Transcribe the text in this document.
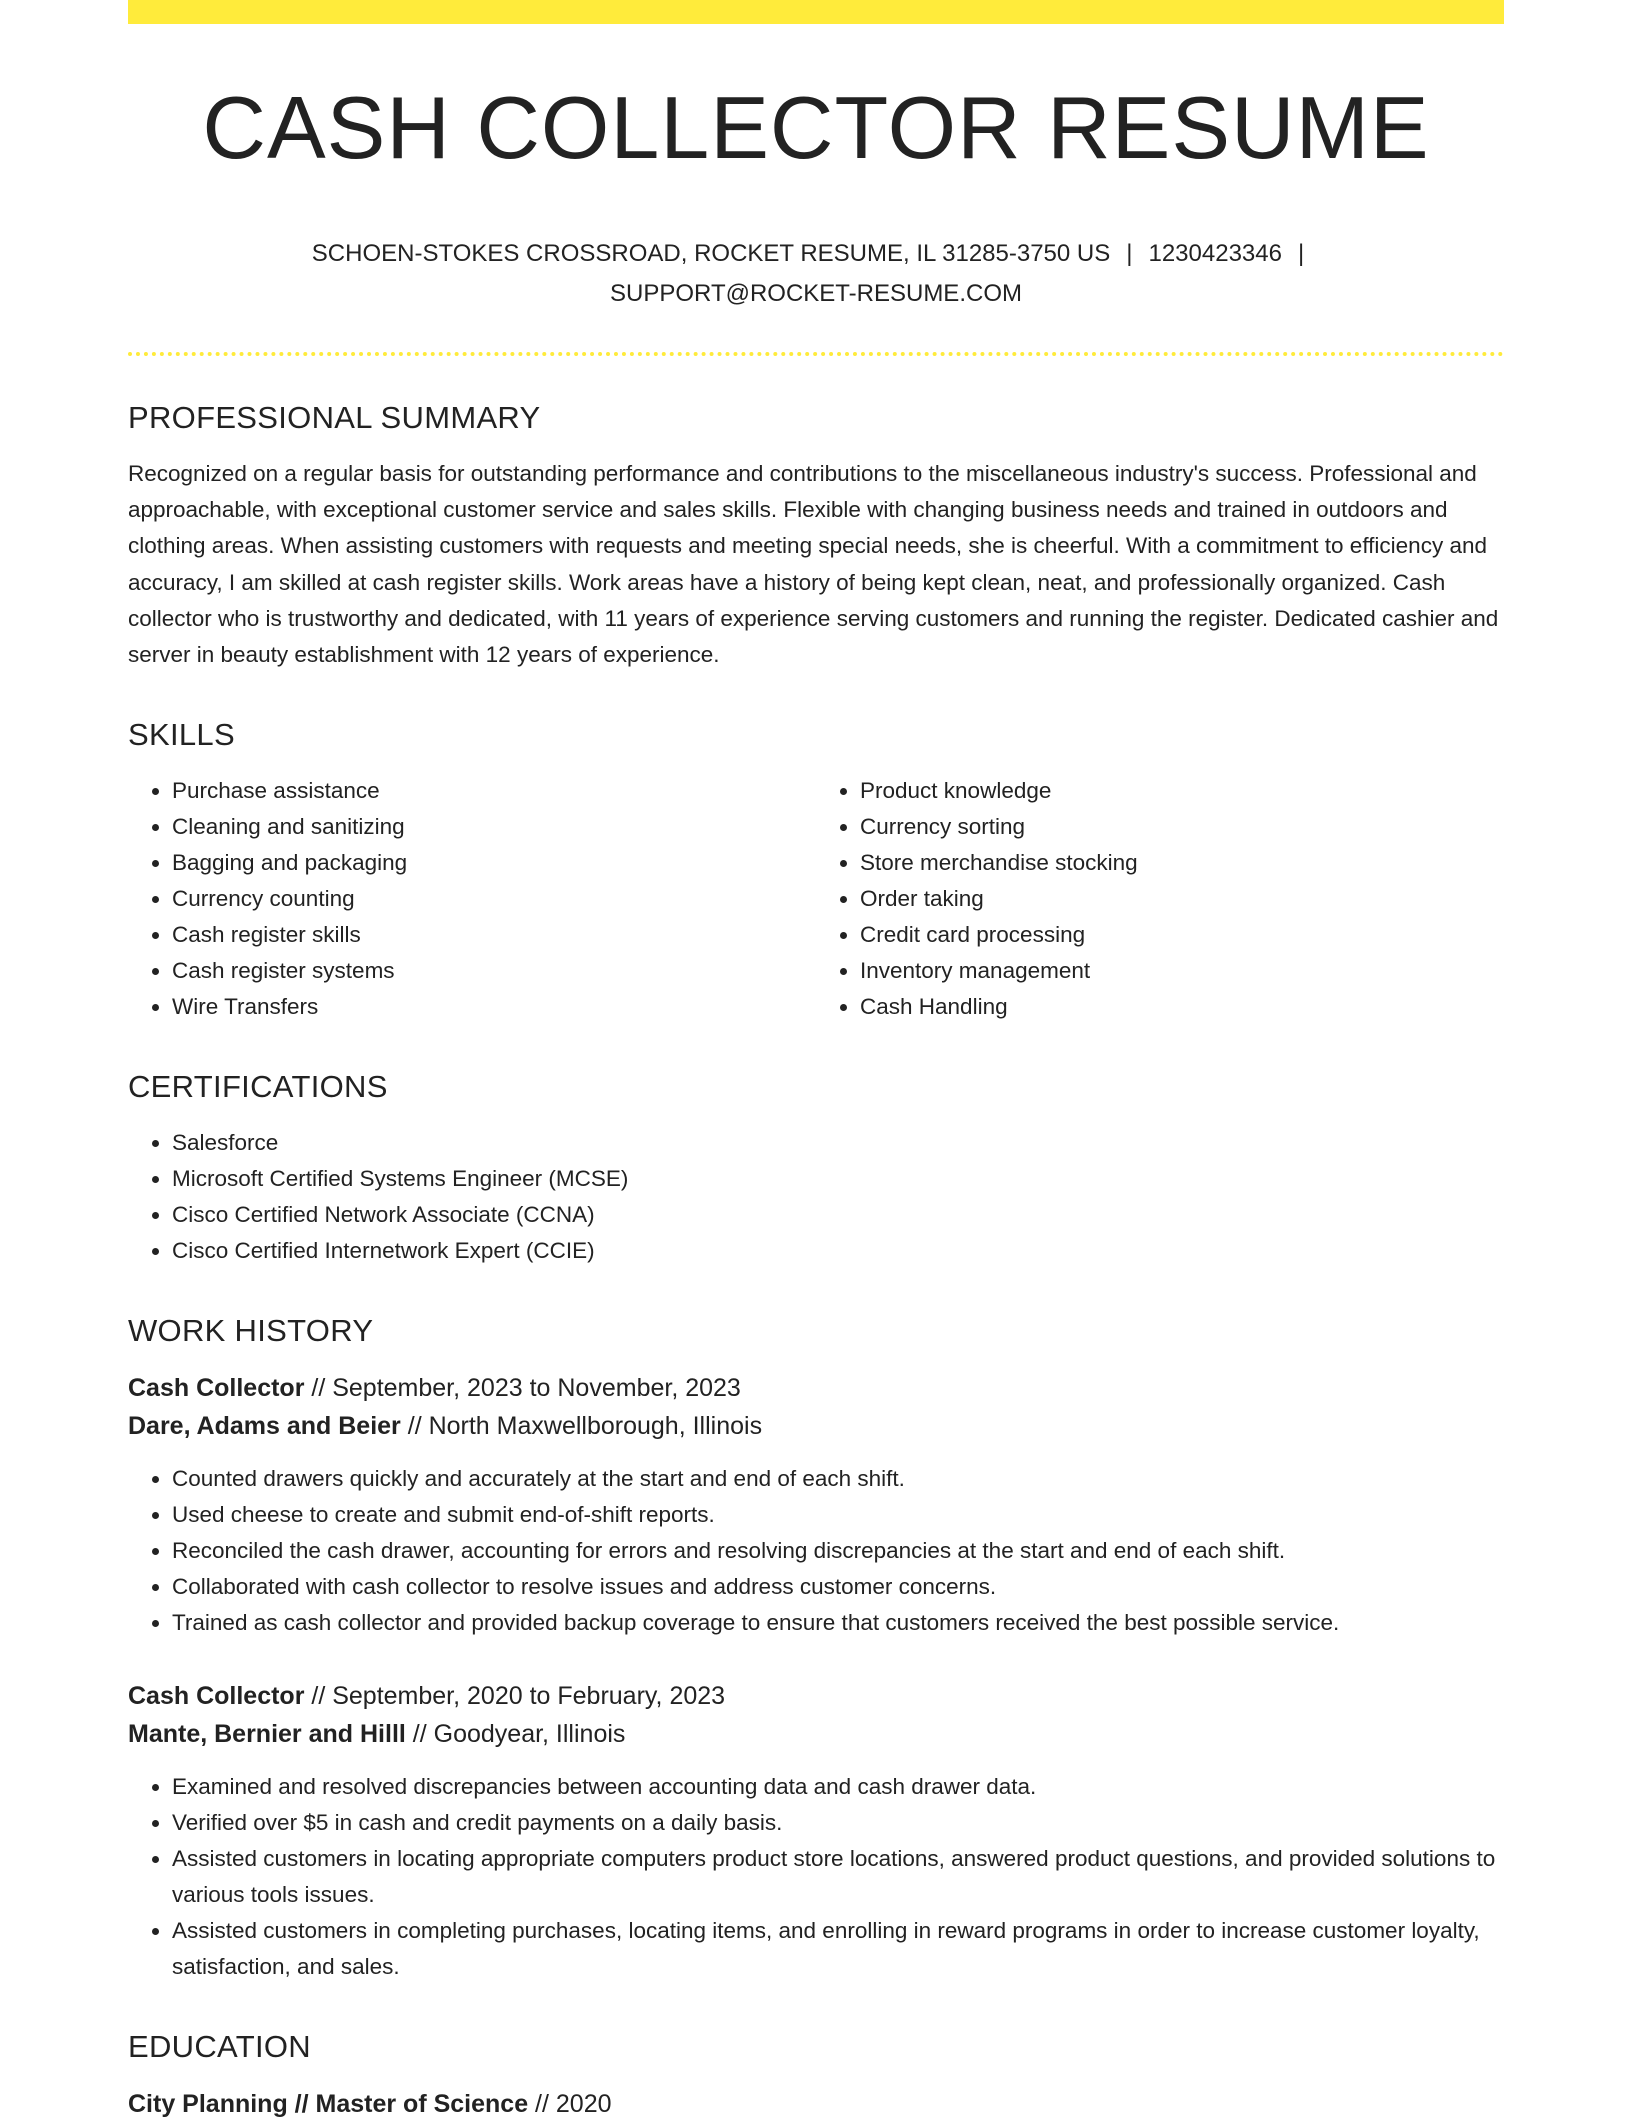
CASH COLLECTOR RESUME
SCHOEN-STOKES CROSSROAD, ROCKET RESUME, IL 31285-3750 US | 1230423346 |
SUPPORT@ROCKET-RESUME.COM
PROFESSIONAL SUMMARY

Recognized on a regular basis for outstanding performance and contributions to the miscellaneous industry's success. Professional and approachable, with exceptional customer service and sales skills. Flexible with changing business needs and trained in outdoors and clothing areas. When assisting customers with requests and meeting special needs, she is cheerful. With a commitment to efficiency and accuracy, I am skilled at cash register skills. Work areas have a history of being kept clean, neat, and professionally organized. Cash collector who is trustworthy and dedicated, with 11 years of experience serving customers and running the register. Dedicated cashier and server in beauty establishment with 12 years of experience.

SKILLS
• Purchase assistance
• Cleaning and sanitizing
• Bagging and packaging
• Currency counting
• Cash register skills
• Cash register systems
• Wire Transfers
• Product knowledge
• Currency sorting
• Store merchandise stocking
• Order taking
• Credit card processing
• Inventory management
• Cash Handling
CERTIFICATIONS
• Salesforce
• Microsoft Certified Systems Engineer (MCSE)
• Cisco Certified Network Associate (CCNA)
• Cisco Certified Internetwork Expert (CCIE)
WORK HISTORY
Cash Collector // September, 2023 to November, 2023
Dare, Adams and Beier // North Maxwellborough, Illinois
• Counted drawers quickly and accurately at the start and end of each shift.
• Used cheese to create and submit end-of-shift reports.
• Reconciled the cash drawer, accounting for errors and resolving discrepancies at the start and end of each shift.
• Collaborated with cash collector to resolve issues and address customer concerns.
• Trained as cash collector and provided backup coverage to ensure that customers received the best possible service.
Cash Collector // September, 2020 to February, 2023
Mante, Bernier and Hilll // Goodyear, Illinois
• Examined and resolved discrepancies between accounting data and cash drawer data.
• Verified over $5 in cash and credit payments on a daily basis.
• Assisted customers in locating appropriate computers product store locations, answered product questions, and provided solutions to various tools issues.
• Assisted customers in completing purchases, locating items, and enrolling in reward programs in order to increase customer loyalty, satisfaction, and sales.
EDUCATION
City Planning // Master of Science // 2020
